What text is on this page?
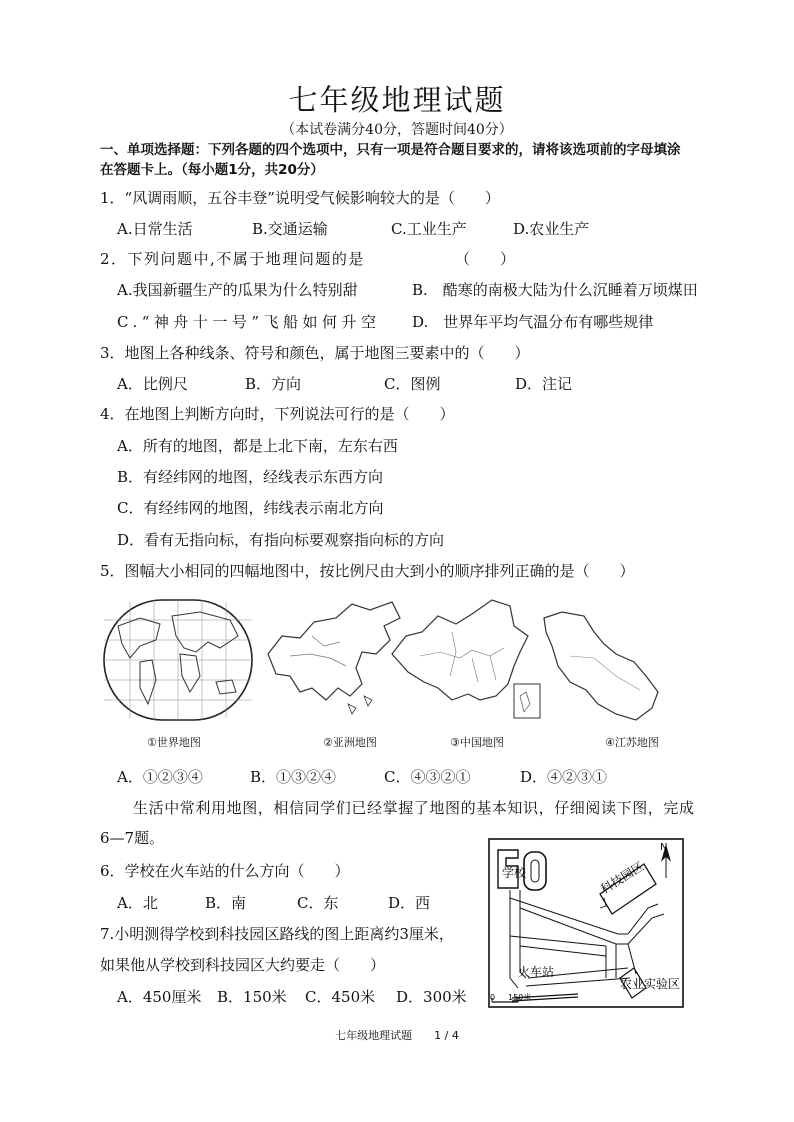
七年级地理试题
（本试卷满分40分，答题时间40分）
一、单项选择题：下列各题的四个选项中，只有一项是符合题目要求的，请将该选项前的字母填涂
在答题卡上。（每小题1分，共20分）
1．“风调雨顺，五谷丰登”说明受气候影响较大的是（　　）
A.日常生活	B.交通运输	C.工业生产	D.农业生产
2．下列问题中,不属于地理问题的是	（　　）
A.我国新疆生产的瓜果为什么特别甜	B.　酷寒的南极大陆为什么沉睡着万顷煤田
C.“神舟十一号”飞船如何升空 D.　世界年平均气温分布有哪些规律
3．地图上各种线条、符号和颜色，属于地图三要素中的（　　）
A．比例尺	B．方向	C．图例	D．注记
4．在地图上判断方向时，下列说法可行的是（　　）
A．所有的地图，都是上北下南，左东右西
B．有经纬网的地图，经线表示东西方向
C．有经纬网的地图，纬线表示南北方向
D．看有无指向标，有指向标要观察指向标的方向
5．图幅大小相同的四幅地图中，按比例尺由大到小的顺序排列正确的是（　　）
①世界地图	②亚洲地图	③中国地图	④江苏地图
A．①②③④	B．①③②④	C．④③②①	D．④②③①
生活中常利用地图，相信同学们已经掌握了地图的基本知识，仔细阅读下图，完成
6—7题。
6．学校在火车站的什么方向（　　）
A．北	B．南	C．东	D．西
7.小明测得学校到科技园区路线的图上距离约3厘米，
如果他从学校到科技园区大约要走（　　）
A．450厘米 B．150米 C．450米 D．300米
学校	科技园区
火车站
农业实验区
N
0 150米
七年级地理试题　　1 / 4
